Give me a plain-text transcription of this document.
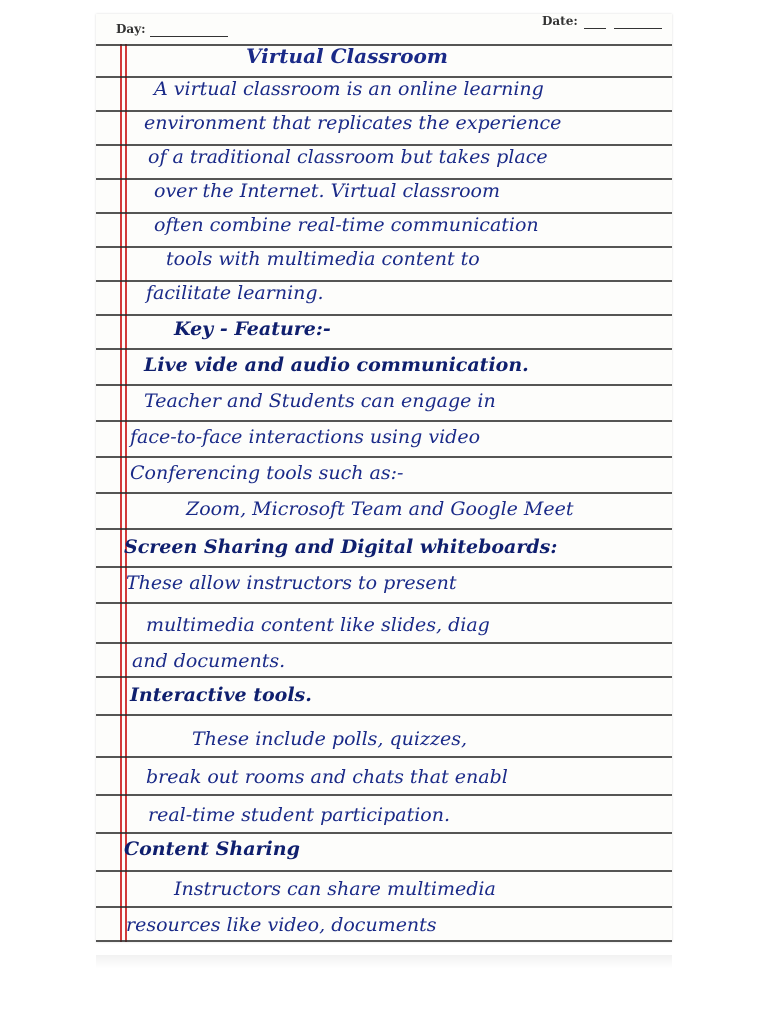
Day:
Date:
Virtual Classroom
A virtual classroom is an online learning
environment that replicates the experience
of a traditional classroom but takes place
over the Internet. Virtual classroom
often combine real-time communication
tools with multimedia content to
facilitate learning.
Key - Feature:-
Live vide and audio communication.
Teacher and Students can engage in
face-to-face interactions using video
Conferencing tools such as:-
Zoom, Microsoft Team and Google Meet
Screen Sharing and Digital whiteboards:
These allow instructors to present
multimedia content like slides, diag
and documents.
Interactive tools.
These include polls, quizzes,
break out rooms and chats that enabl
real-time student participation.
Content Sharing
Instructors can share multimedia
resources like video, documents
